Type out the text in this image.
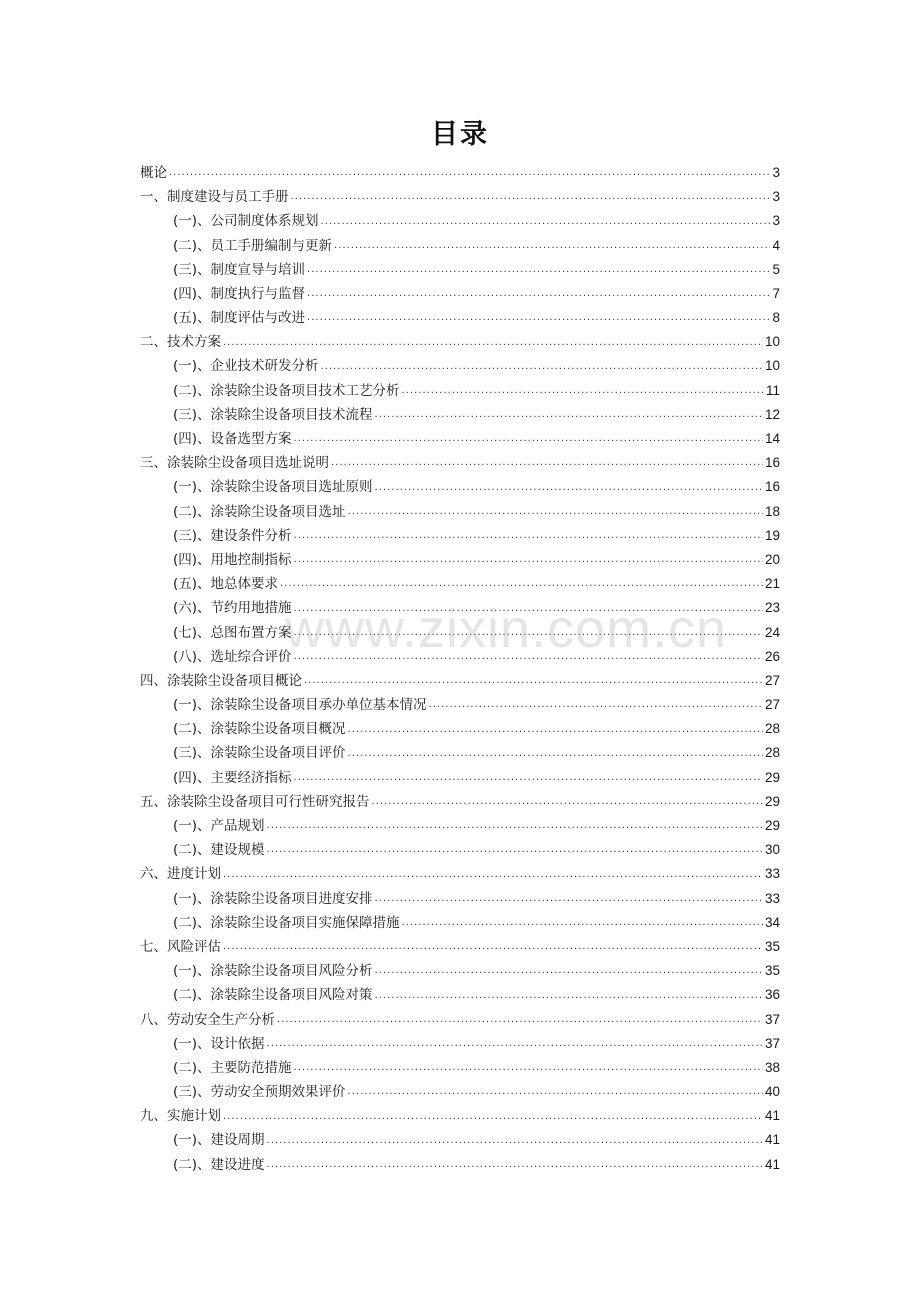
目录
概论 .....	3
一、制度建设与员工手册 .....	3
(一)、公司制度体系规划 .....	3
(二)、员工手册编制与更新 .....	4
(三)、制度宣导与培训 .....	5
(四)、制度执行与监督 .....	7
(五)、制度评估与改进 .....	8
二、技术方案 .....	10
(一)、企业技术研发分析 .....	10
(二)、涂装除尘设备项目技术工艺分析 .....	11
(三)、涂装除尘设备项目技术流程 .....	12
(四)、设备选型方案 .....	14
三、涂装除尘设备项目选址说明 .....	16
(一)、涂装除尘设备项目选址原则 .....	16
(二)、涂装除尘设备项目选址 .....	18
(三)、建设条件分析 .....	19
(四)、用地控制指标 .....	20
(五)、地总体要求 .....	21
(六)、节约用地措施 .....	23
(七)、总图布置方案 .....	24
(八)、选址综合评价 .....	26
四、涂装除尘设备项目概论 .....	27
(一)、涂装除尘设备项目承办单位基本情况 .....	27
(二)、涂装除尘设备项目概况 .....	28
(三)、涂装除尘设备项目评价 .....	28
(四)、主要经济指标 .....	29
五、涂装除尘设备项目可行性研究报告 .....	29
(一)、产品规划 .....	29
(二)、建设规模 .....	30
六、进度计划 .....	33
(一)、涂装除尘设备项目进度安排 .....	33
(二)、涂装除尘设备项目实施保障措施 .....	34
七、风险评估 .....	35
(一)、涂装除尘设备项目风险分析 .....	35
(二)、涂装除尘设备项目风险对策 .....	36
八、劳动安全生产分析 .....	37
(一)、设计依据 .....	37
(二)、主要防范措施 .....	38
(三)、劳动安全预期效果评价 .....	40
九、实施计划 .....	41
(一)、建设周期 .....	41
(二)、建设进度 .....	41
www.zixin.com.cn
